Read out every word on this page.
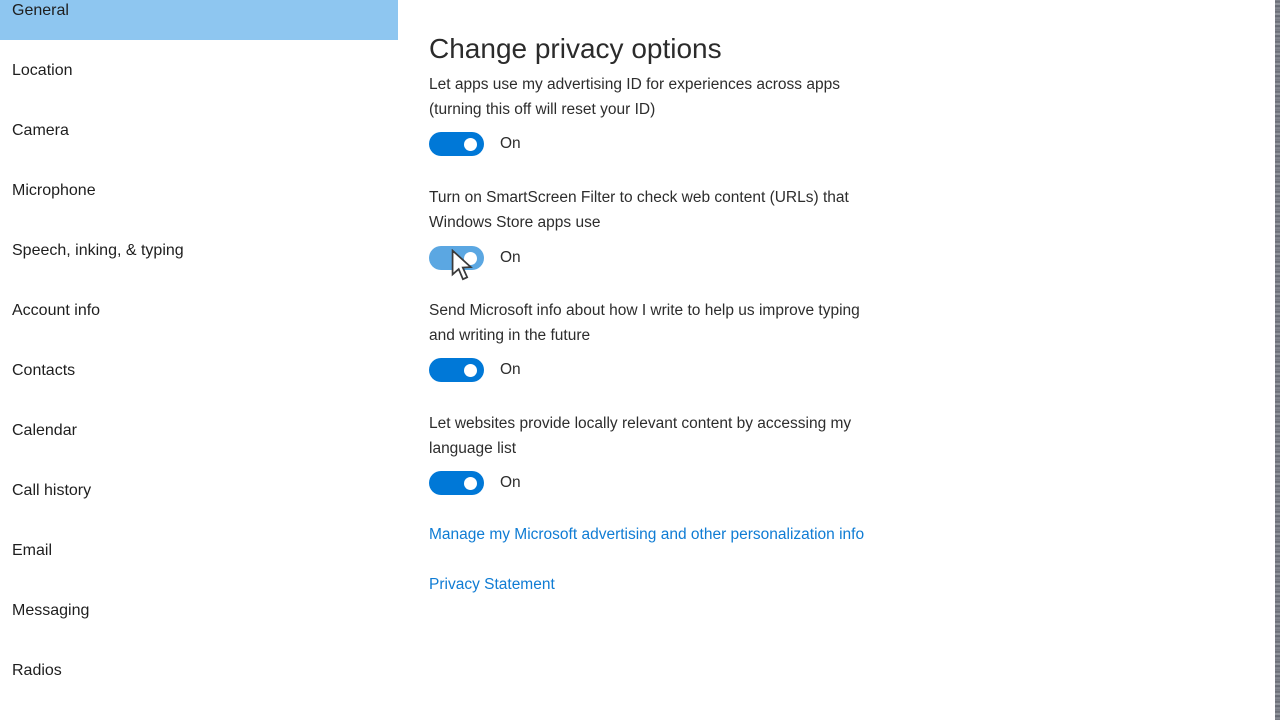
General
Location
Camera
Microphone
Speech, inking, & typing
Account info
Contacts
Calendar
Call history
Email
Messaging
Radios
Change privacy options
Let apps use my advertising ID for experiences across apps
(turning this off will reset your ID)
On
Turn on SmartScreen Filter to check web content (URLs) that
Windows Store apps use
On
Send Microsoft info about how I write to help us improve typing
and writing in the future
On
Let websites provide locally relevant content by accessing my
language list
On
Manage my Microsoft advertising and other personalization info
Privacy Statement
